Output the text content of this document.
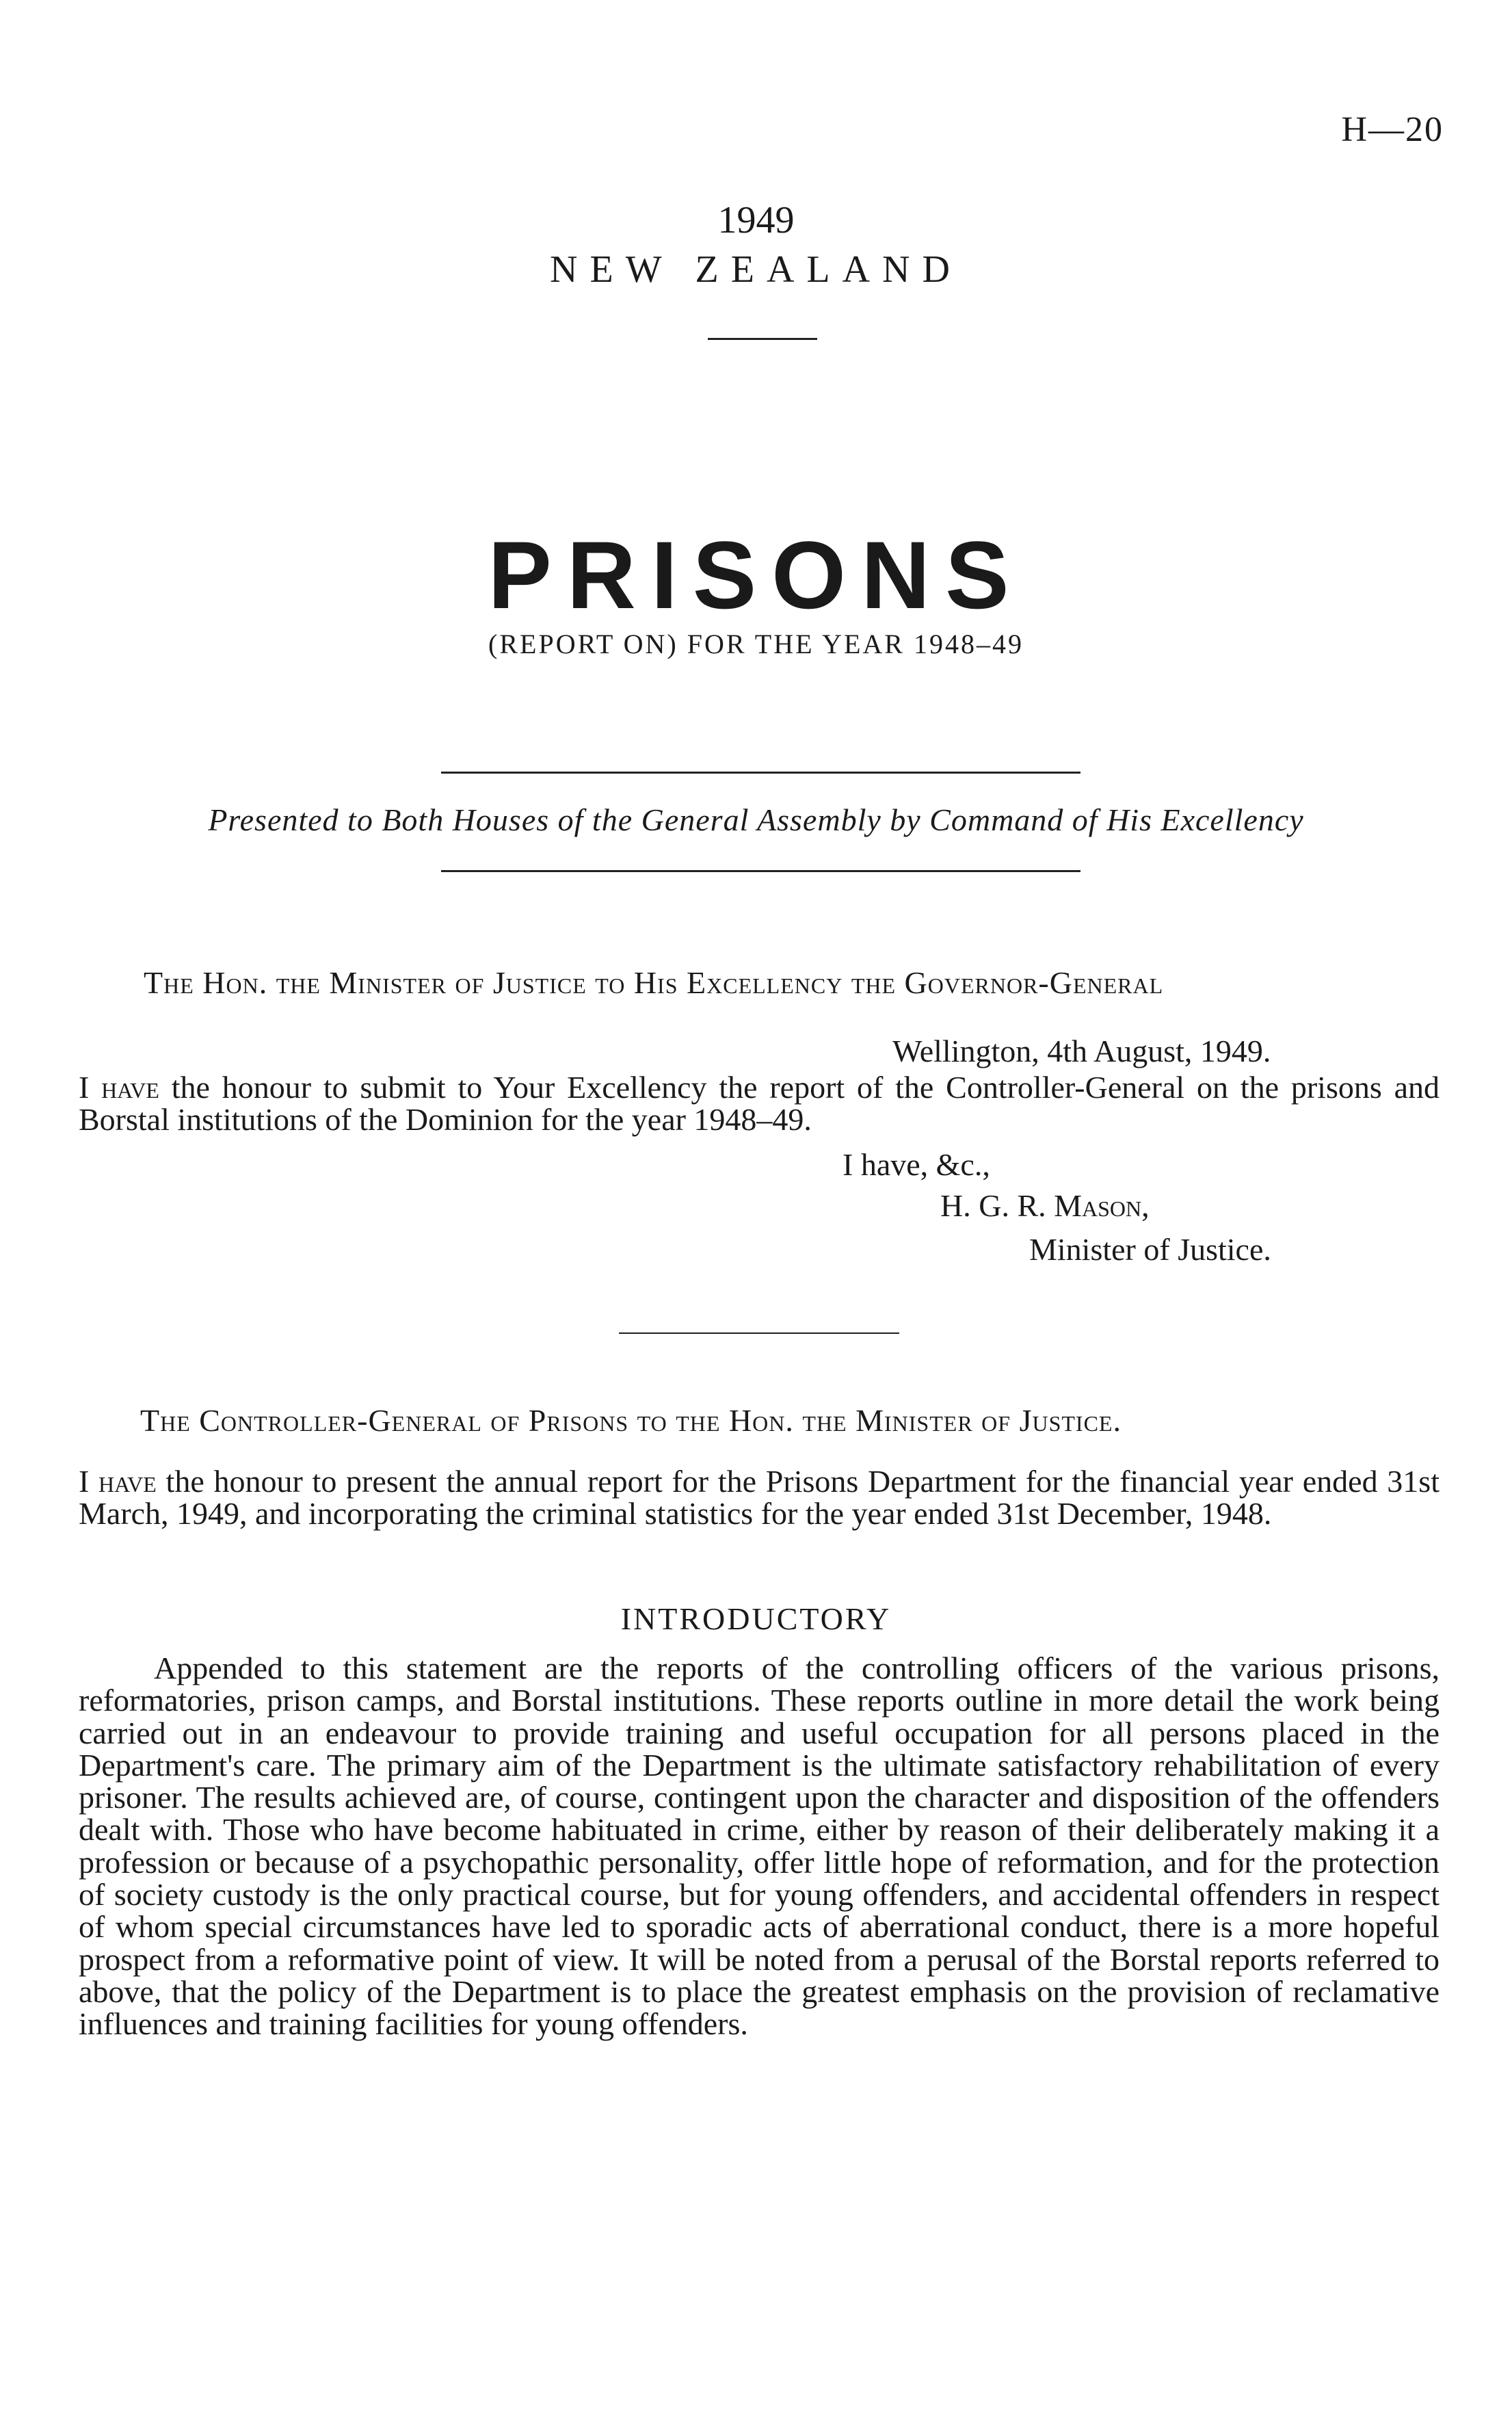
H—20
1949
NEW ZEALAND
PRISONS
(REPORT ON) FOR THE YEAR 1948–49
Presented to Both Houses of the General Assembly by Command of His Excellency
The Hon. the Minister of Justice to His Excellency the Governor-General
Wellington, 4th August, 1949.
I have the honour to submit to Your Excellency the report of the Controller-General on the prisons and Borstal institutions of the Dominion for the year 1948–49.
I have, &c.,
H. G. R. Mason,
Minister of Justice.
The Controller-General of Prisons to the Hon. the Minister of Justice.
I have the honour to present the annual report for the Prisons Department for the financial year ended 31st March, 1949, and incorporating the criminal statistics for the year ended 31st December, 1948.
INTRODUCTORY
Appended to this statement are the reports of the controlling officers of the various prisons, reformatories, prison camps, and Borstal institutions. These reports outline in more detail the work being carried out in an endeavour to provide training and useful occupation for all persons placed in the Department's care. The primary aim of the Department is the ultimate satisfactory rehabilitation of every prisoner. The results achieved are, of course, contingent upon the character and disposition of the offenders dealt with. Those who have become habituated in crime, either by reason of their deliberately making it a profession or because of a psychopathic personality, offer little hope of reformation, and for the protection of society custody is the only practical course, but for young offenders, and accidental offenders in respect of whom special circumstances have led to sporadic acts of aberrational conduct, there is a more hopeful prospect from a reformative point of view. It will be noted from a perusal of the Borstal reports referred to above, that the policy of the Department is to place the greatest emphasis on the provision of reclamative influences and training facilities for young offenders.
